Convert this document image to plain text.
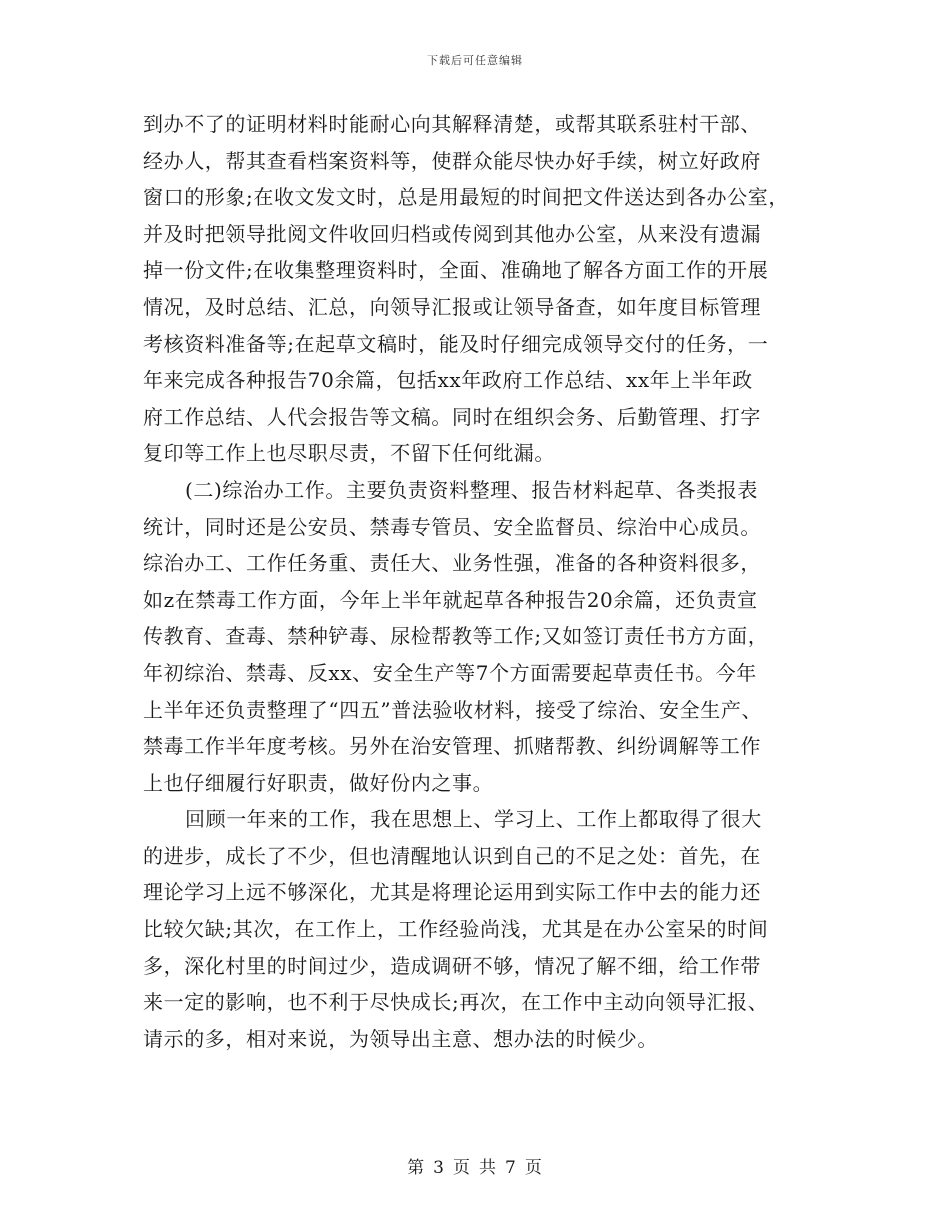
下载后可任意编辑
到办不了的证明材料时能耐心向其解释清楚，或帮其联系驻村干部、
经办人，帮其查看档案资料等，使群众能尽快办好手续，树立好政府
窗口的形象;在收文发文时，总是用最短的时间把文件送达到各办公室，
并及时把领导批阅文件收回归档或传阅到其他办公室，从来没有遗漏
掉一份文件;在收集整理资料时，全面、准确地了解各方面工作的开展
情况，及时总结、汇总，向领导汇报或让领导备查，如年度目标管理
考核资料准备等;在起草文稿时，能及时仔细完成领导交付的任务，一
年来完成各种报告70余篇，包括xx年政府工作总结、xx年上半年政
府工作总结、人代会报告等文稿。同时在组织会务、后勤管理、打字
复印等工作上也尽职尽责，不留下任何纰漏。
(二)综治办工作。主要负责资料整理、报告材料起草、各类报表
统计，同时还是公安员、禁毒专管员、安全监督员、综治中心成员。
综治办工、工作任务重、责任大、业务性强，准备的各种资料很多，
如z在禁毒工作方面，今年上半年就起草各种报告20余篇，还负责宣
传教育、查毒、禁种铲毒、尿检帮教等工作;又如签订责任书方方面，
年初综治、禁毒、反xx、安全生产等7个方面需要起草责任书。今年
上半年还负责整理了“四五”普法验收材料，接受了综治、安全生产、
禁毒工作半年度考核。另外在治安管理、抓赌帮教、纠纷调解等工作
上也仔细履行好职责，做好份内之事。
回顾一年来的工作，我在思想上、学习上、工作上都取得了很大
的进步，成长了不少，但也清醒地认识到自己的不足之处：首先，在
理论学习上远不够深化，尤其是将理论运用到实际工作中去的能力还
比较欠缺;其次，在工作上，工作经验尚浅，尤其是在办公室呆的时间
多，深化村里的时间过少，造成调研不够，情况了解不细，给工作带
来一定的影响，也不利于尽快成长;再次，在工作中主动向领导汇报、
请示的多，相对来说，为领导出主意、想办法的时候少。
第 3 页 共 7 页
